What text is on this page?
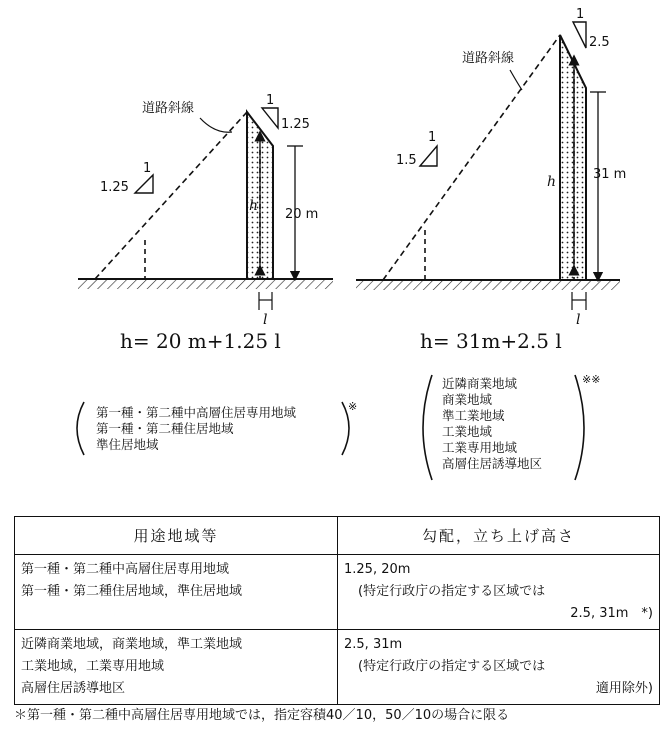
20 m
h
l
道路斜線
1
1.25
1
1.25
h= 20 m+1.25 l
31 m
h
l
道路斜線
1
1.5
1
2.5
h= 31m+2.5 l
第一種・第二種中高層住居専用地域
第一種・第二種住居地域
準住居地域
※
近隣商業地域
商業地域
準工業地域
工業地域
工業専用地域
高層住居誘導地区
※※
用途地域等	勾配，立ち上げ高さ

第一種・第二種中高層住居専用地域
第一種・第二種住居地域，準住居地域	1.25, 20m
(特定行政庁の指定する区域では
2.5, 31m　*)

近隣商業地域，商業地域，準工業地域
工業地域，工業専用地域
高層住居誘導地区	2.5, 31m
(特定行政庁の指定する区域では
適用除外)
＊第一種・第二種中高層住居専用地域では，指定容積40／10，50／10の場合に限る
